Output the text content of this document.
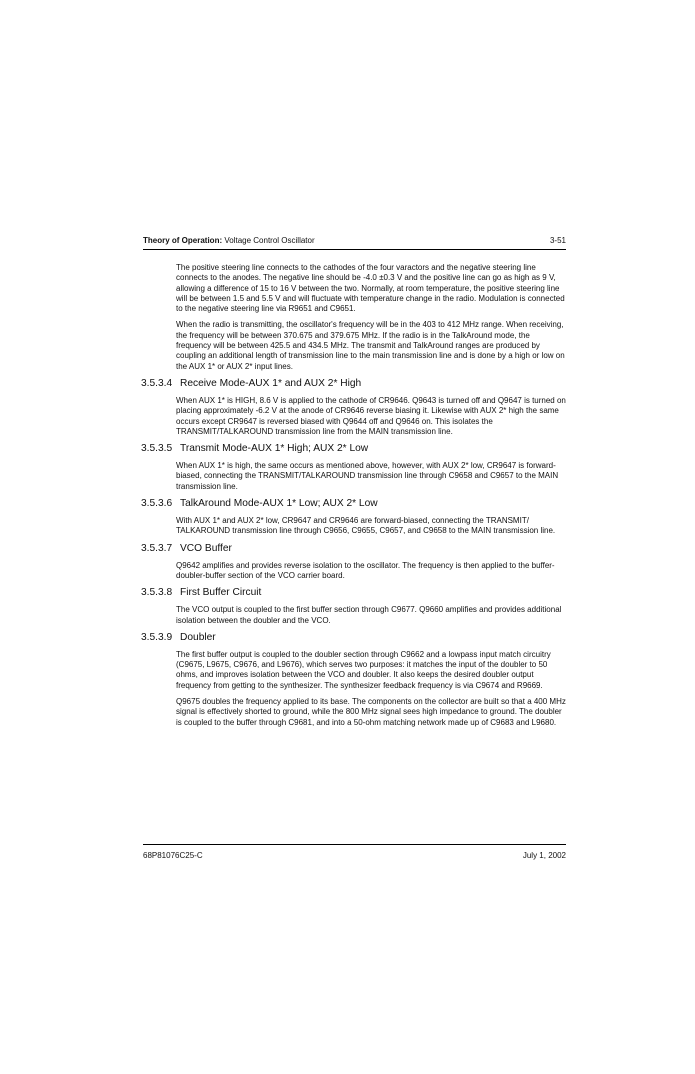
Theory of Operation: Voltage Control Oscillator	3-51

The positive steering line connects to the cathodes of the four varactors and the negative steering line connects to the anodes. The negative line should be -4.0 ±0.3 V and the positive line can go as high as 9 V, allowing a difference of 15 to 16 V between the two. Normally, at room temperature, the positive steering line will be between 1.5 and 5.5 V and will fluctuate with temperature change in the radio. Modulation is connected to the negative steering line via R9651 and C9651.

When the radio is transmitting, the oscillator's frequency will be in the 403 to 412 MHz range. When receiving, the frequency will be between 370.675 and 379.675 MHz. If the radio is in the TalkAround mode, the frequency will be between 425.5 and 434.5 MHz. The transmit and TalkAround ranges are produced by coupling an additional length of transmission line to the main transmission line and is done by a high or low on the AUX 1* or AUX 2* input lines.

3.5.3.4 Receive Mode-AUX 1* and AUX 2* High

When AUX 1* is HIGH, 8.6 V is applied to the cathode of CR9646. Q9643 is turned off and Q9647 is turned on placing approximately -6.2 V at the anode of CR9646 reverse biasing it. Likewise with AUX 2* high the same occurs except CR9647 is reversed biased with Q9644 off and Q9646 on. This isolates the TRANSMIT/TALKAROUND transmission line from the MAIN transmission line.

3.5.3.5 Transmit Mode-AUX 1* High; AUX 2* Low

When AUX 1* is high, the same occurs as mentioned above, however, with AUX 2* low, CR9647 is forward-biased, connecting the TRANSMIT/TALKAROUND transmission line through C9658 and C9657 to the MAIN transmission line.

3.5.3.6 TalkAround Mode-AUX 1* Low; AUX 2* Low

With AUX 1* and AUX 2* low, CR9647 and CR9646 are forward-biased, connecting the TRANSMIT/ TALKAROUND transmission line through C9656, C9655, C9657, and C9658 to the MAIN transmission line.

3.5.3.7 VCO Buffer

Q9642 amplifies and provides reverse isolation to the oscillator. The frequency is then applied to the buffer-doubler-buffer section of the VCO carrier board.

3.5.3.8 First Buffer Circuit

The VCO output is coupled to the first buffer section through C9677. Q9660 amplifies and provides additional isolation between the doubler and the VCO.

3.5.3.9 Doubler

The first buffer output is coupled to the doubler section through C9662 and a lowpass input match circuitry (C9675, L9675, C9676, and L9676), which serves two purposes: it matches the input of the doubler to 50 ohms, and improves isolation between the VCO and doubler. It also keeps the desired doubler output frequency from getting to the synthesizer. The synthesizer feedback frequency is via C9674 and R9669.

Q9675 doubles the frequency applied to its base. The components on the collector are built so that a 400 MHz signal is effectively shorted to ground, while the 800 MHz signal sees high impedance to ground. The doubler is coupled to the buffer through C9681, and into a 50-ohm matching network made up of C9683 and L9680.

68P81076C25-C	July 1, 2002
